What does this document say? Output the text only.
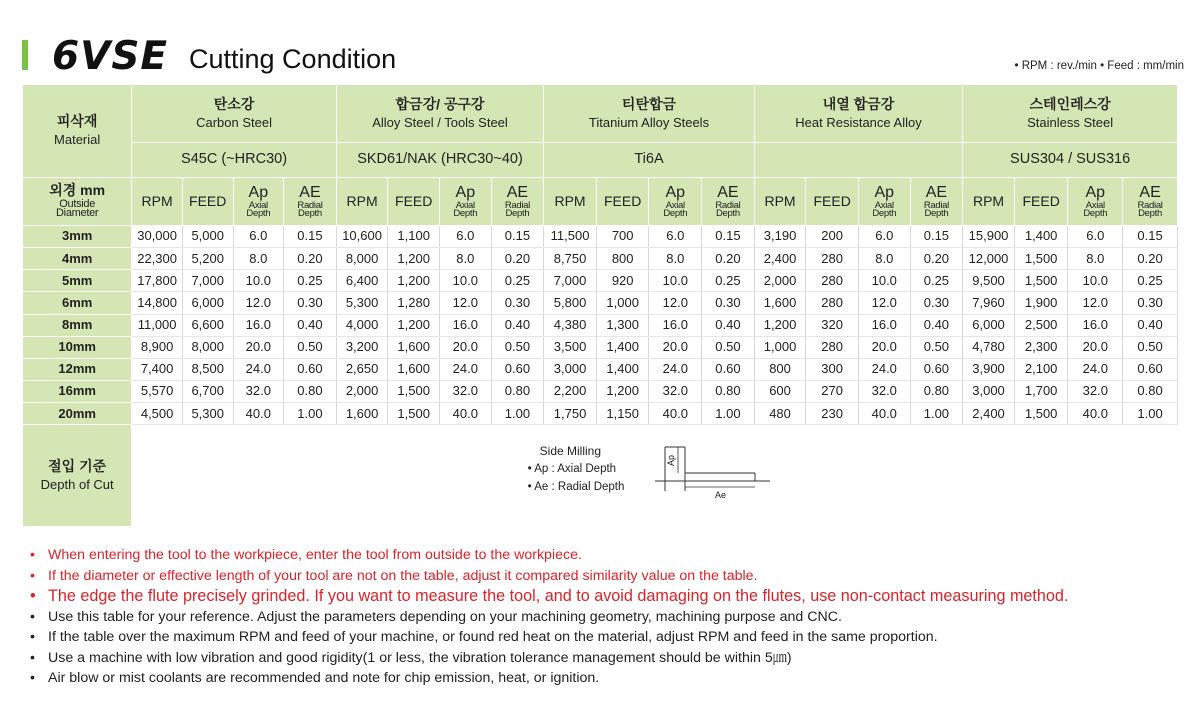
6VSE Cutting Condition	• RPM : rev./min • Feed : mm/min
피삭재
Material	탄소강
Carbon Steel				합금강/ 공구강
Alloy Steel / Tools Steel				티탄합금
Titanium Alloy Steels				내열 합금강
Heat Resistance Alloy				스테인레스강
Stainless Steel			

	S45C (~HRC30)				SKD61/NAK (HRC30~40)				Ti6A								SUS304 / SUS316			

외경 mm
Outside
Diameter	RPM	FEED	Ap
Axial
Depth	AE
Radial
Depth	RPM	FEED	Ap
Axial
Depth	AE
Radial
Depth	RPM	FEED	Ap
Axial
Depth	AE
Radial
Depth	RPM	FEED	Ap
Axial
Depth	AE
Radial
Depth	RPM	FEED	Ap
Axial
Depth	AE
Radial
Depth

3mm	30,000	5,000	6.0	0.15	10,600	1,100	6.0	0.15	11,500	700	6.0	0.15	3,190	200	6.0	0.15	15,900	1,400	6.0	0.15
4mm	22,300	5,200	8.0	0.20	8,000	1,200	8.0	0.20	8,750	800	8.0	0.20	2,400	280	8.0	0.20	12,000	1,500	8.0	0.20
5mm	17,800	7,000	10.0	0.25	6,400	1,200	10.0	0.25	7,000	920	10.0	0.25	2,000	280	10.0	0.25	9,500	1,500	10.0	0.25
6mm	14,800	6,000	12.0	0.30	5,300	1,280	12.0	0.30	5,800	1,000	12.0	0.30	1,600	280	12.0	0.30	7,960	1,900	12.0	0.30
8mm	11,000	6,600	16.0	0.40	4,000	1,200	16.0	0.40	4,380	1,300	16.0	0.40	1,200	320	16.0	0.40	6,000	2,500	16.0	0.40
10mm	8,900	8,000	20.0	0.50	3,200	1,600	20.0	0.50	3,500	1,400	20.0	0.50	1,000	280	20.0	0.50	4,780	2,300	20.0	0.50
12mm	7,400	8,500	24.0	0.60	2,650	1,600	24.0	0.60	3,000	1,400	24.0	0.60	800	300	24.0	0.60	3,900	2,100	24.0	0.60
16mm	5,570	6,700	32.0	0.80	2,000	1,500	32.0	0.80	2,200	1,200	32.0	0.80	600	270	32.0	0.80	3,000	1,700	32.0	0.80
20mm	4,500	5,300	40.0	1.00	1,600	1,500	40.0	1.00	1,750	1,150	40.0	1.00	480	230	40.0	1.00	2,400	1,500	40.0	1.00

절입 기준
Depth of Cut	Side Milling
• Ap : Axial Depth
• Ae : Radial Depth
Ap
Ae																			
• When entering the tool to the workpiece, enter the tool from outside to the workpiece.
• If the diameter or effective length of your tool are not on the table, adjust it compared similarity value on the table.
• The edge the flute precisely grinded. If you want to measure the tool, and to avoid damaging on the flutes, use non-contact measuring method.
• Use this table for your reference. Adjust the parameters depending on your machining geometry, machining purpose and CNC.
• If the table over the maximum RPM and feed of your machine, or found red heat on the material, adjust RPM and feed in the same proportion.
• Use a machine with low vibration and good rigidity(1 or less, the vibration tolerance management should be within 5㎛)
• Air blow or mist coolants are recommended and note for chip emission, heat, or ignition.
